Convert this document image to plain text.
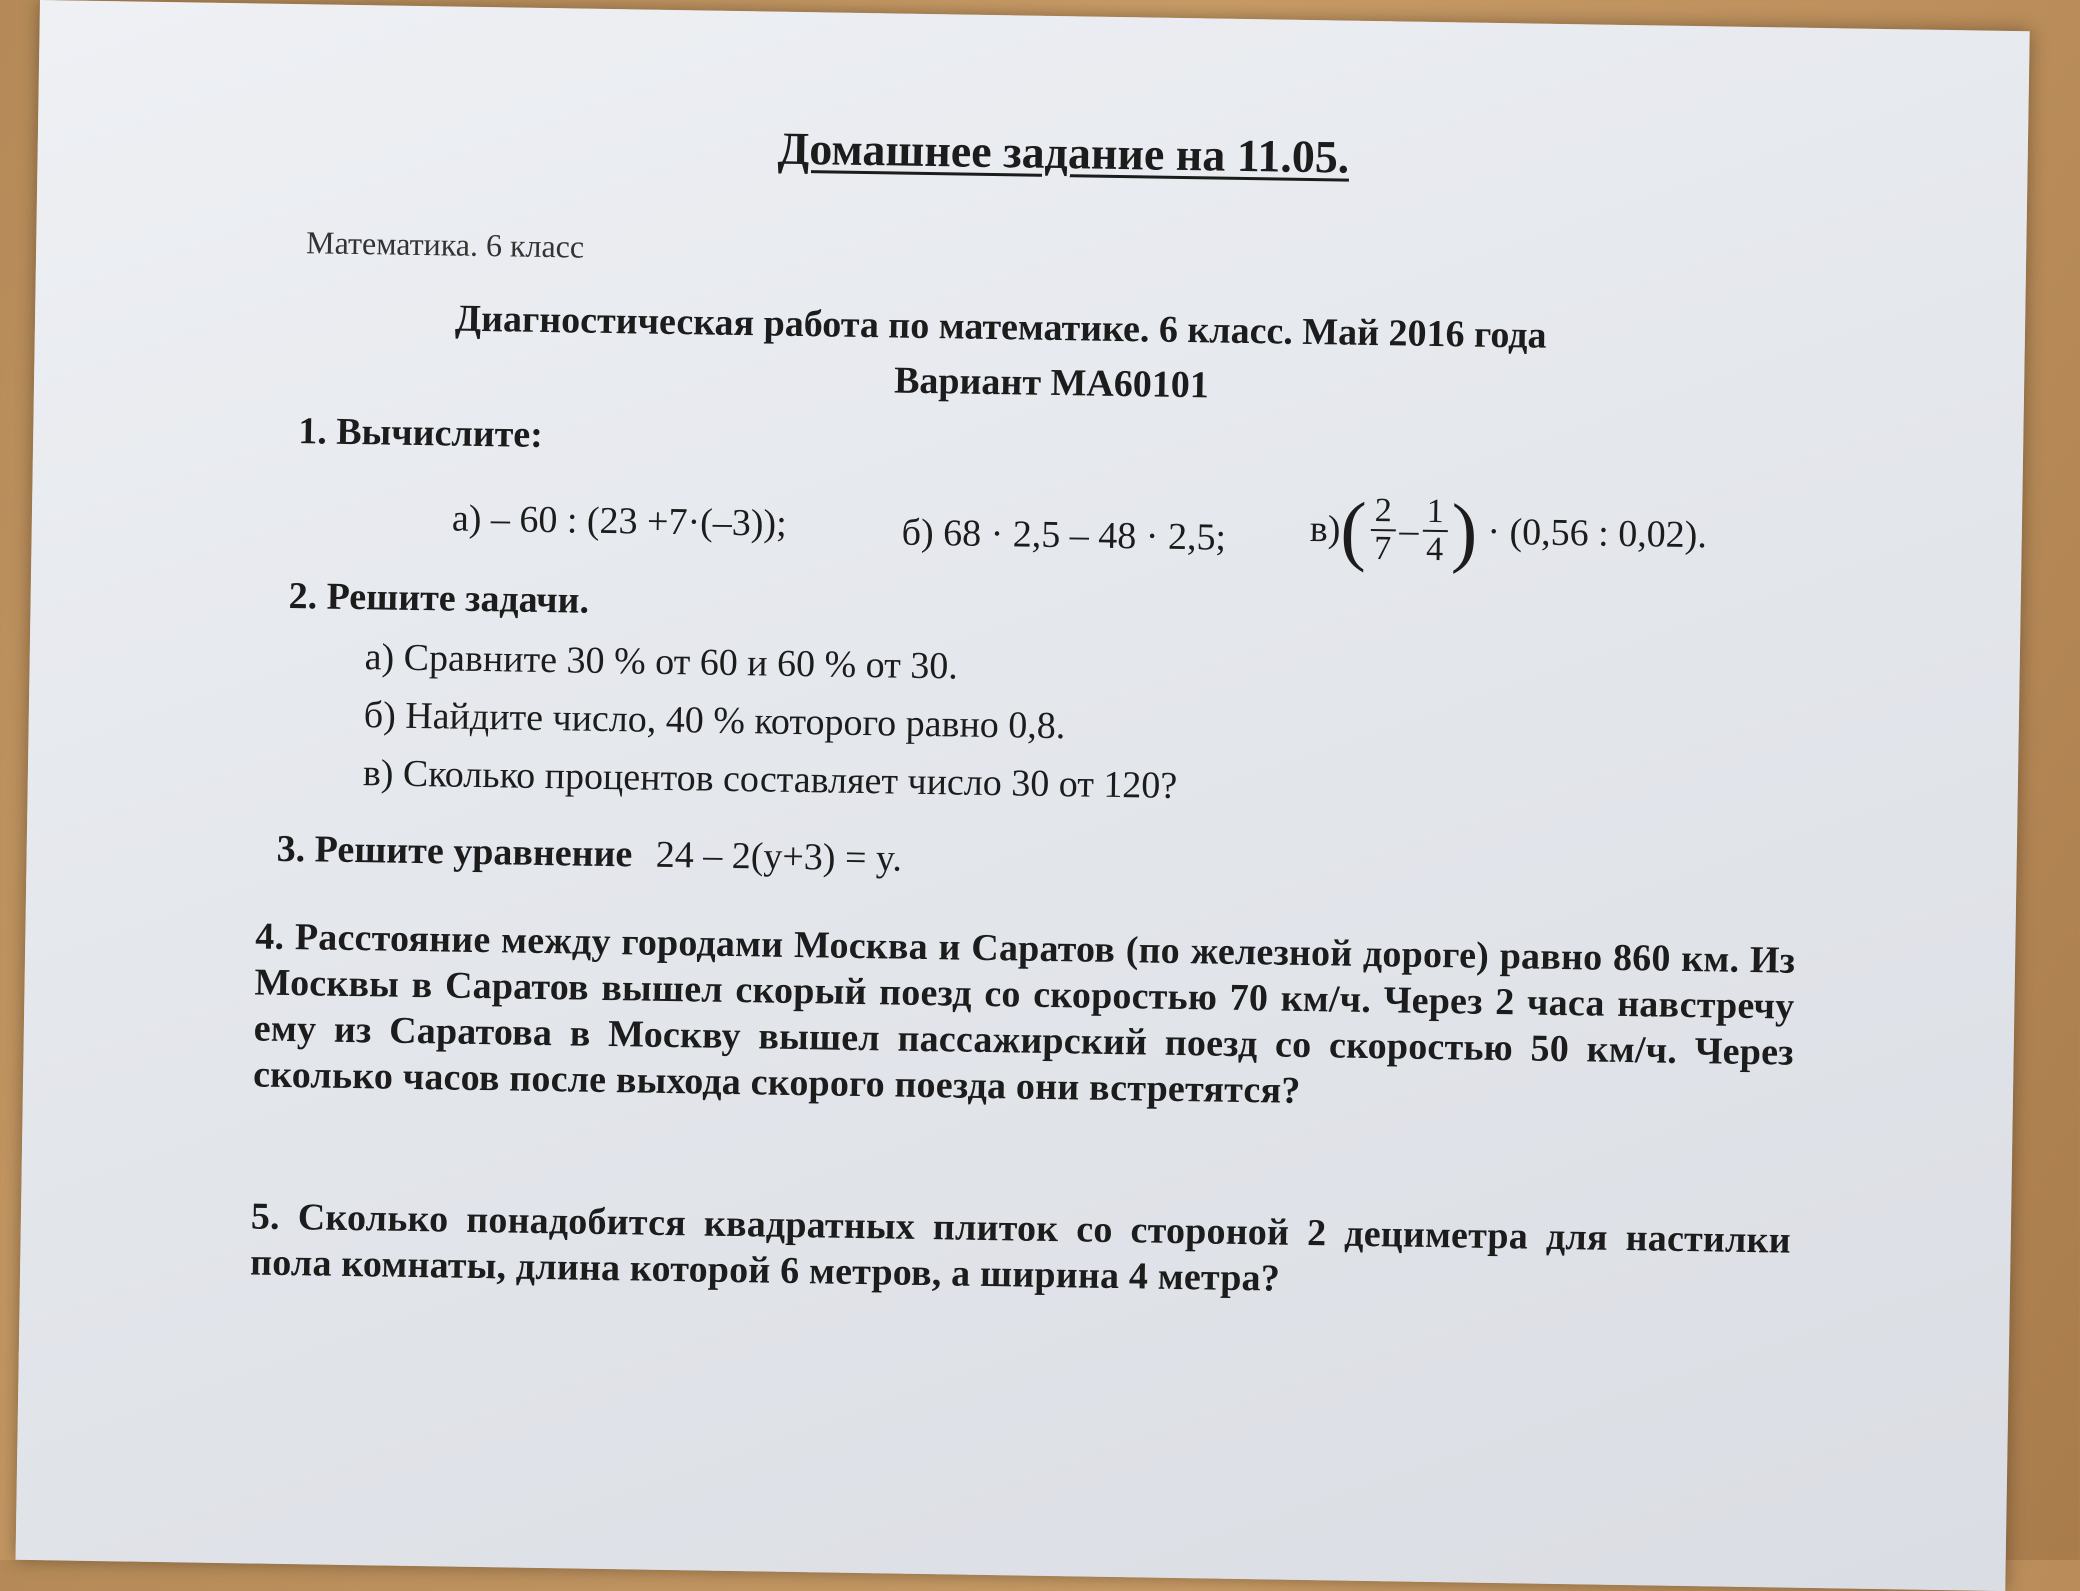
Домашнее задание на 11.05.
Математика. 6 класс
Диагностическая работа по математике. 6 класс. Май 2016 года
Вариант МА60101
1. Вычислите:
а) – 60 : (23 +7·(–3));	б) 68 · 2,5 – 48 · 2,5; в)
( $\frac{2}{7} - \frac{1}{4}$ ) · (0,56 : 0,02).
2. Решите задачи.
а) Сравните 30 % от 60 и 60 % от 30.
б) Найдите число, 40 % которого равно 0,8.
в) Сколько процентов составляет число 30 от 120?
3. Решите уравнение 24 – 2(y+3) = y.
4. Расстояние между городами Москва и Саратов (по железной дороге) равно 860 км. Из Москвы в Саратов вышел скорый поезд со скоростью 70 км/ч. Через 2 часа навстречу ему из Саратова в Москву вышел пассажирский поезд со скоростью 50 км/ч. Через сколько часов после выхода скорого поезда они встретятся?
5. Сколько понадобится квадратных плиток со стороной 2 дециметра для настилки пола комнаты, длина которой 6 метров, а ширина 4 метра?
